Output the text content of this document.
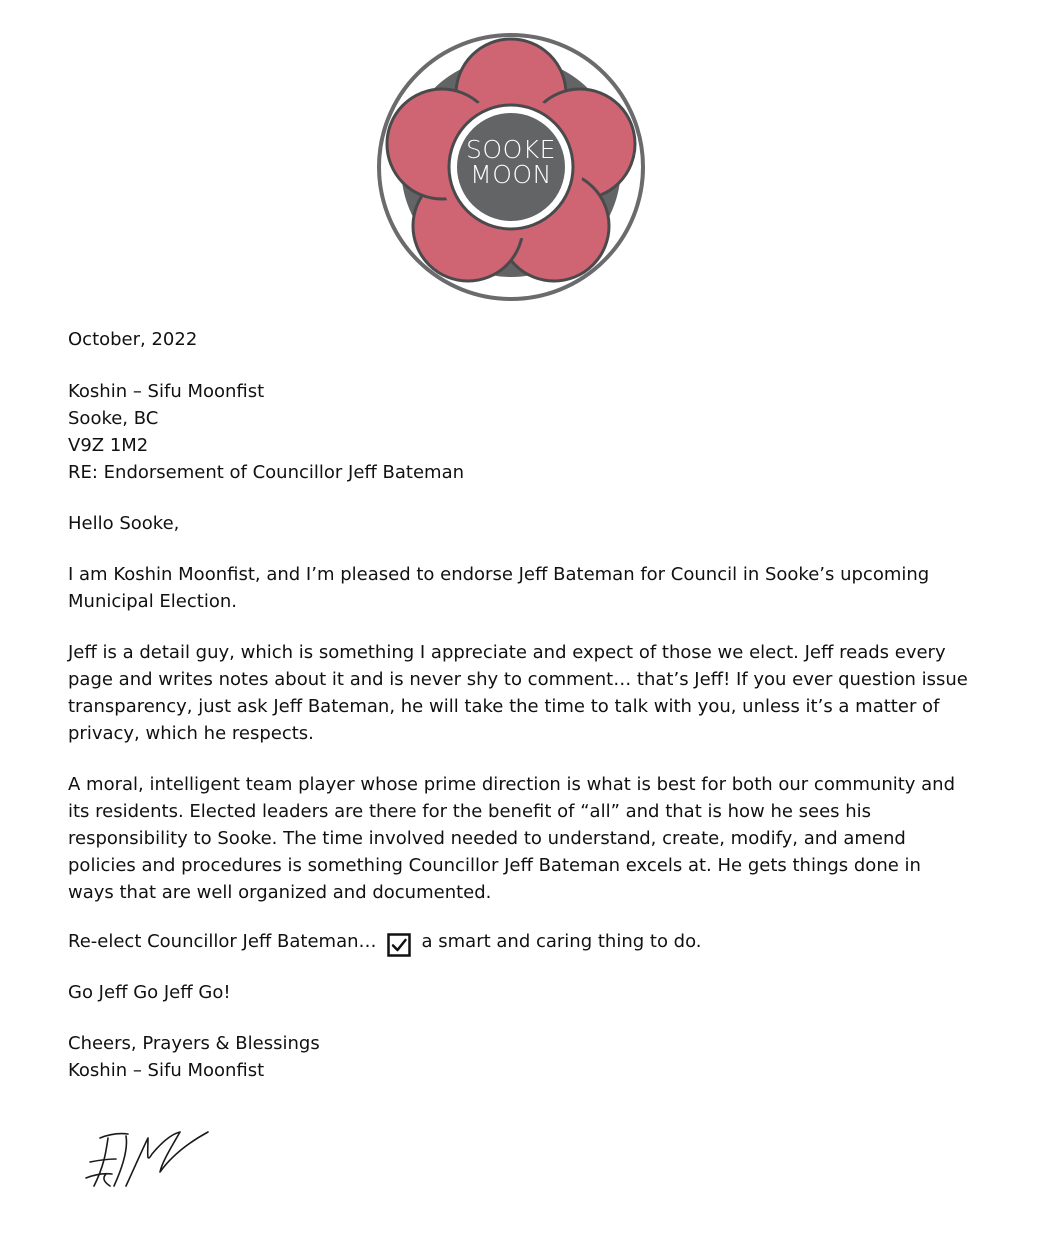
SOOKE
MOON

October, 2022

Koshin – Sifu Moonfist

Sooke, BC

V9Z 1M2

RE: Endorsement of Councillor Jeff Bateman

Hello Sooke,

I am Koshin Moonfist, and I’m pleased to endorse Jeff Bateman for Council in Sooke’s upcoming Municipal Election.

Jeff is a detail guy, which is something I appreciate and expect of those we elect. Jeff reads every page and writes notes about it and is never shy to comment… that’s Jeff! If you ever question issue transparency, just ask Jeff Bateman, he will take the time to talk with you, unless it’s a matter of privacy, which he respects.

A moral, intelligent team player whose prime direction is what is best for both our community and its residents. Elected leaders are there for the benefit of “all” and that is how he sees his responsibility to Sooke. The time involved needed to understand, create, modify, and amend policies and procedures is something Councillor Jeff Bateman excels at. He gets things done in ways that are well organized and documented.

Re-elect Councillor Jeff Bateman…	a smart and caring thing to do.

Go Jeff Go Jeff Go!

Cheers, Prayers & Blessings

Koshin – Sifu Moonfist
